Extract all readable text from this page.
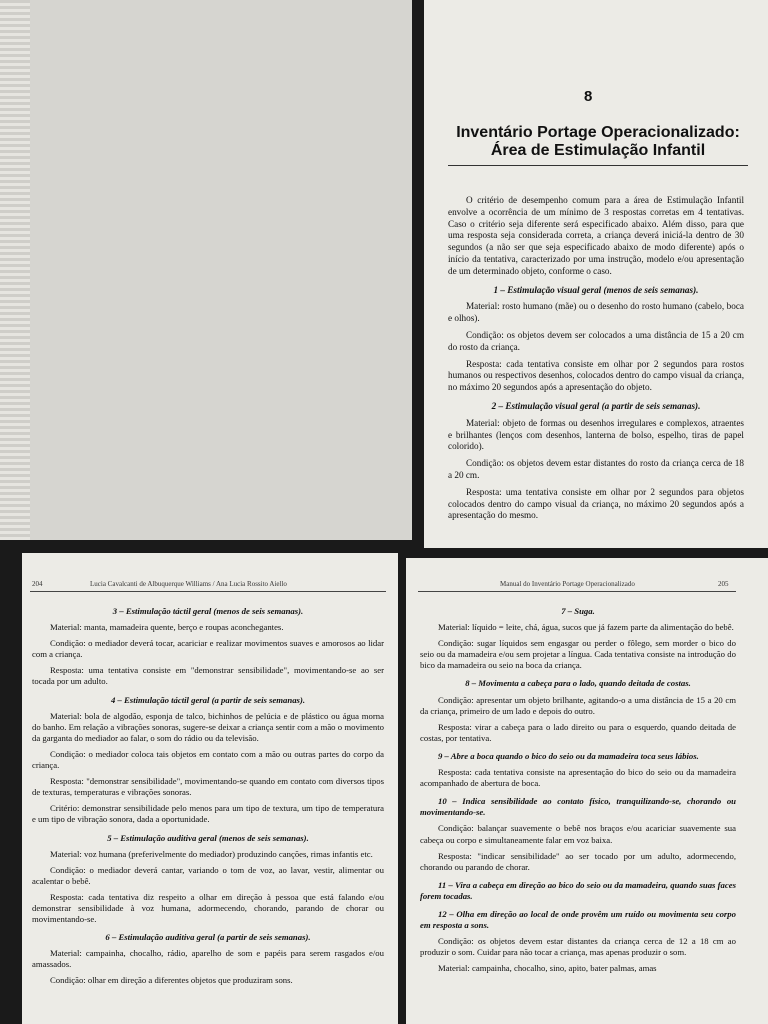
8
Inventário Portage Operacionalizado:
Área de Estimulação Infantil

O critério de desempenho comum para a área de Estimulação Infantil envolve a ocorrência de um mínimo de 3 respostas corretas em 4 tentativas. Caso o critério seja diferente será especificado abaixo. Além disso, para que uma resposta seja considerada correta, a criança deverá iniciá-la dentro de 30 segundos (a não ser que seja especificado abaixo de modo diferente) após o início da tentativa, caracterizado por uma instrução, modelo e/ou apresentação de um determinado objeto, conforme o caso.

1 – Estimulação visual geral (menos de seis semanas).

Material: rosto humano (mãe) ou o desenho do rosto humano (cabelo, boca e olhos).

Condição: os objetos devem ser colocados a uma distância de 15 a 20 cm do rosto da criança.

Resposta: cada tentativa consiste em olhar por 2 segundos para rostos humanos ou respectivos desenhos, colocados dentro do campo visual da criança, no máximo 20 segundos após a apresentação do objeto.

2 – Estimulação visual geral (a partir de seis semanas).

Material: objeto de formas ou desenhos irregulares e complexos, atraentes e brilhantes (lenços com desenhos, lanterna de bolso, espelho, tiras de papel colorido).

Condição: os objetos devem estar distantes do rosto da criança cerca de 18 a 20 cm.

Resposta: uma tentativa consiste em olhar por 2 segundos para objetos colocados dentro do campo visual da criança, no máximo 20 segundos após a apresentação do mesmo.

204	Lucia Cavalcanti de Albuquerque Williams / Ana Lucia Rossito Aiello

3 – Estimulação táctil geral (menos de seis semanas).

Material: manta, mamadeira quente, berço e roupas aconchegantes.

Condição: o mediador deverá tocar, acariciar e realizar movimentos suaves e amorosos ao lidar com a criança.

Resposta: uma tentativa consiste em "demonstrar sensibilidade", movimentando-se ao ser tocada por um adulto.

4 – Estimulação táctil geral (a partir de seis semanas).

Material: bola de algodão, esponja de talco, bichinhos de pelúcia e de plástico ou água morna do banho. Em relação a vibrações sonoras, sugere-se deixar a criança sentir com a mão o movimento da garganta do mediador ao falar, o som do rádio ou da televisão.

Condição: o mediador coloca tais objetos em contato com a mão ou outras partes do corpo da criança.

Resposta: "demonstrar sensibilidade", movimentando-se quando em contato com diversos tipos de texturas, temperaturas e vibrações sonoras.

Critério: demonstrar sensibilidade pelo menos para um tipo de textura, um tipo de temperatura e um tipo de vibração sonora, dada a oportunidade.

5 – Estimulação auditiva geral (menos de seis semanas).

Material: voz humana (preferivelmente do mediador) produzindo canções, rimas infantis etc.

Condição: o mediador deverá cantar, variando o tom de voz, ao lavar, vestir, alimentar ou acalentar o bebê.

Resposta: cada tentativa diz respeito a olhar em direção à pessoa que está falando e/ou demonstrar sensibilidade à voz humana, adormecendo, chorando, parando de chorar ou movimentando-se.

6 – Estimulação auditiva geral (a partir de seis semanas).

Material: campainha, chocalho, rádio, aparelho de som e papéis para serem rasgados e/ou amassados.

Condição: olhar em direção a diferentes objetos que produziram sons.

Manual do Inventário Portage Operacionalizado	205

7 – Suga.

Material: líquido = leite, chá, água, sucos que já fazem parte da alimentação do bebê.

Condição: sugar líquidos sem engasgar ou perder o fôlego, sem morder o bico do seio ou da mamadeira e/ou sem projetar a língua. Cada tentativa consiste na introdução do bico da mamadeira ou seio na boca da criança.

8 – Movimenta a cabeça para o lado, quando deitada de costas.

Condição: apresentar um objeto brilhante, agitando-o a uma distância de 15 a 20 cm da criança, primeiro de um lado e depois do outro.

Resposta: virar a cabeça para o lado direito ou para o esquerdo, quando deitada de costas, por tentativa.

9 – Abre a boca quando o bico do seio ou da mamadeira toca seus lábios.

Resposta: cada tentativa consiste na apresentação do bico do seio ou da mamadeira acompanhado de abertura de boca.

10 – Indica sensibilidade ao contato físico, tranquilizando-se, chorando ou movimentando-se.

Condição: balançar suavemente o bebê nos braços e/ou acariciar suavemente sua cabeça ou corpo e simultaneamente falar em voz baixa.

Resposta: "indicar sensibilidade" ao ser tocado por um adulto, adormecendo, chorando ou parando de chorar.

11 – Vira a cabeça em direção ao bico do seio ou da mamadeira, quando suas faces forem tocadas.

12 – Olha em direção ao local de onde provêm um ruído ou movimenta seu corpo em resposta a sons.

Condição: os objetos devem estar distantes da criança cerca de 12 a 18 cm ao produzir o som. Cuidar para não tocar a criança, mas apenas produzir o som.

Material: campainha, chocalho, sino, apito, bater palmas, amas
